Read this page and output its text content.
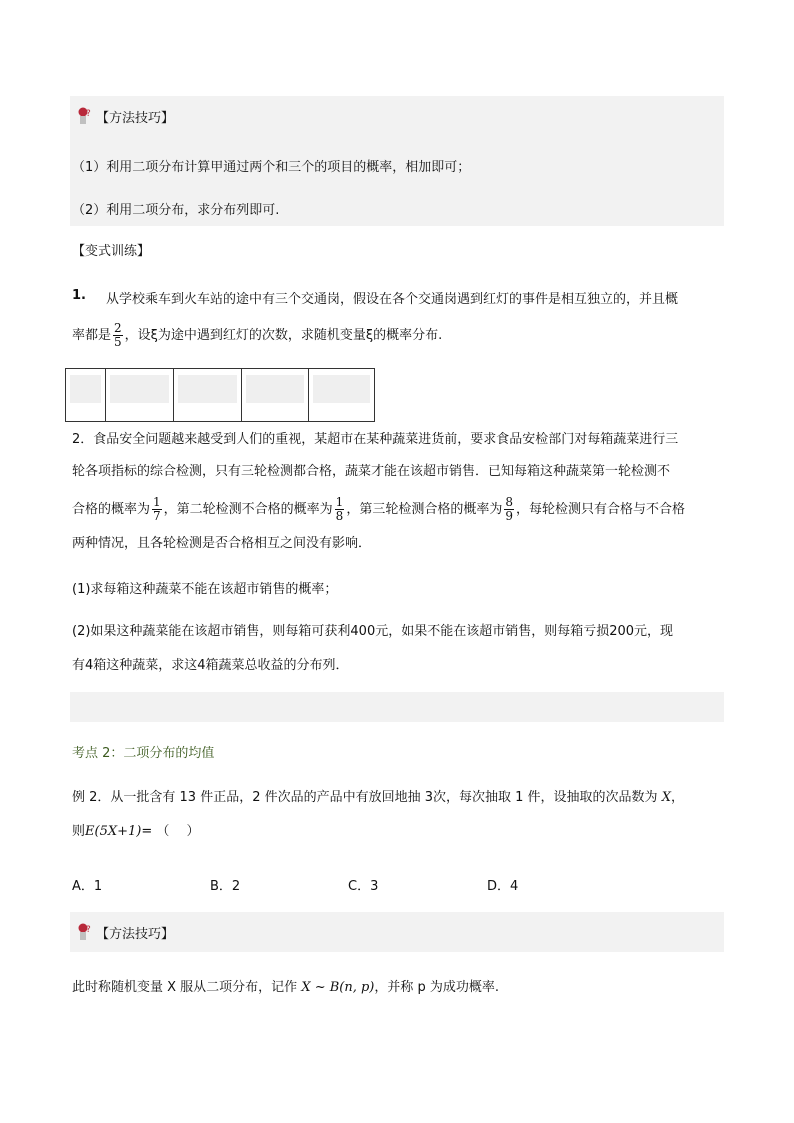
? 【方法技巧】
（1）利用二项分布计算甲通过两个和三个的项目的概率，相加即可；
（2）利用二项分布，求分布列即可.
【变式训练】
1. 从学校乘车到火车站的途中有三个交通岗，假设在各个交通岗遇到红灯的事件是相互独立的，并且概
率都是 $\frac{2}{5}$ ，设ξ为途中遇到红灯的次数，求随机变量ξ的概率分布.
2．食品安全问题越来越受到人们的重视，某超市在某种蔬菜进货前，要求食品安检部门对每箱蔬菜进行三
轮各项指标的综合检测，只有三轮检测都合格，蔬菜才能在该超市销售．已知每箱这种蔬菜第一轮检测不
合格的概率为 $\frac{1}{7}$ ，第二轮检测不合格的概率为 $\frac{1}{8}$ ，第三轮检测合格的概率为 $\frac{8}{9}$ ，每轮检测只有合格与不合格
两种情况，且各轮检测是否合格相互之间没有影响．
(1)求每箱这种蔬菜不能在该超市销售的概率；
(2)如果这种蔬菜能在该超市销售，则每箱可获利400元，如果不能在该超市销售，则每箱亏损200元，现
有4箱这种蔬菜，求这4箱蔬菜总收益的分布列．
考点 2：二项分布的均值
例 2．从一批含有 13 件正品，2 件次品的产品中有放回地抽 3次，每次抽取 1 件，设抽取的次品数为 X，
则E(5X+1)= （　 ）
A．1	B．2	C．3	D．4
? 【方法技巧】
此时称随机变量 X 服从二项分布，记作 X ~ B(n, p)，并称 p 为成功概率.
